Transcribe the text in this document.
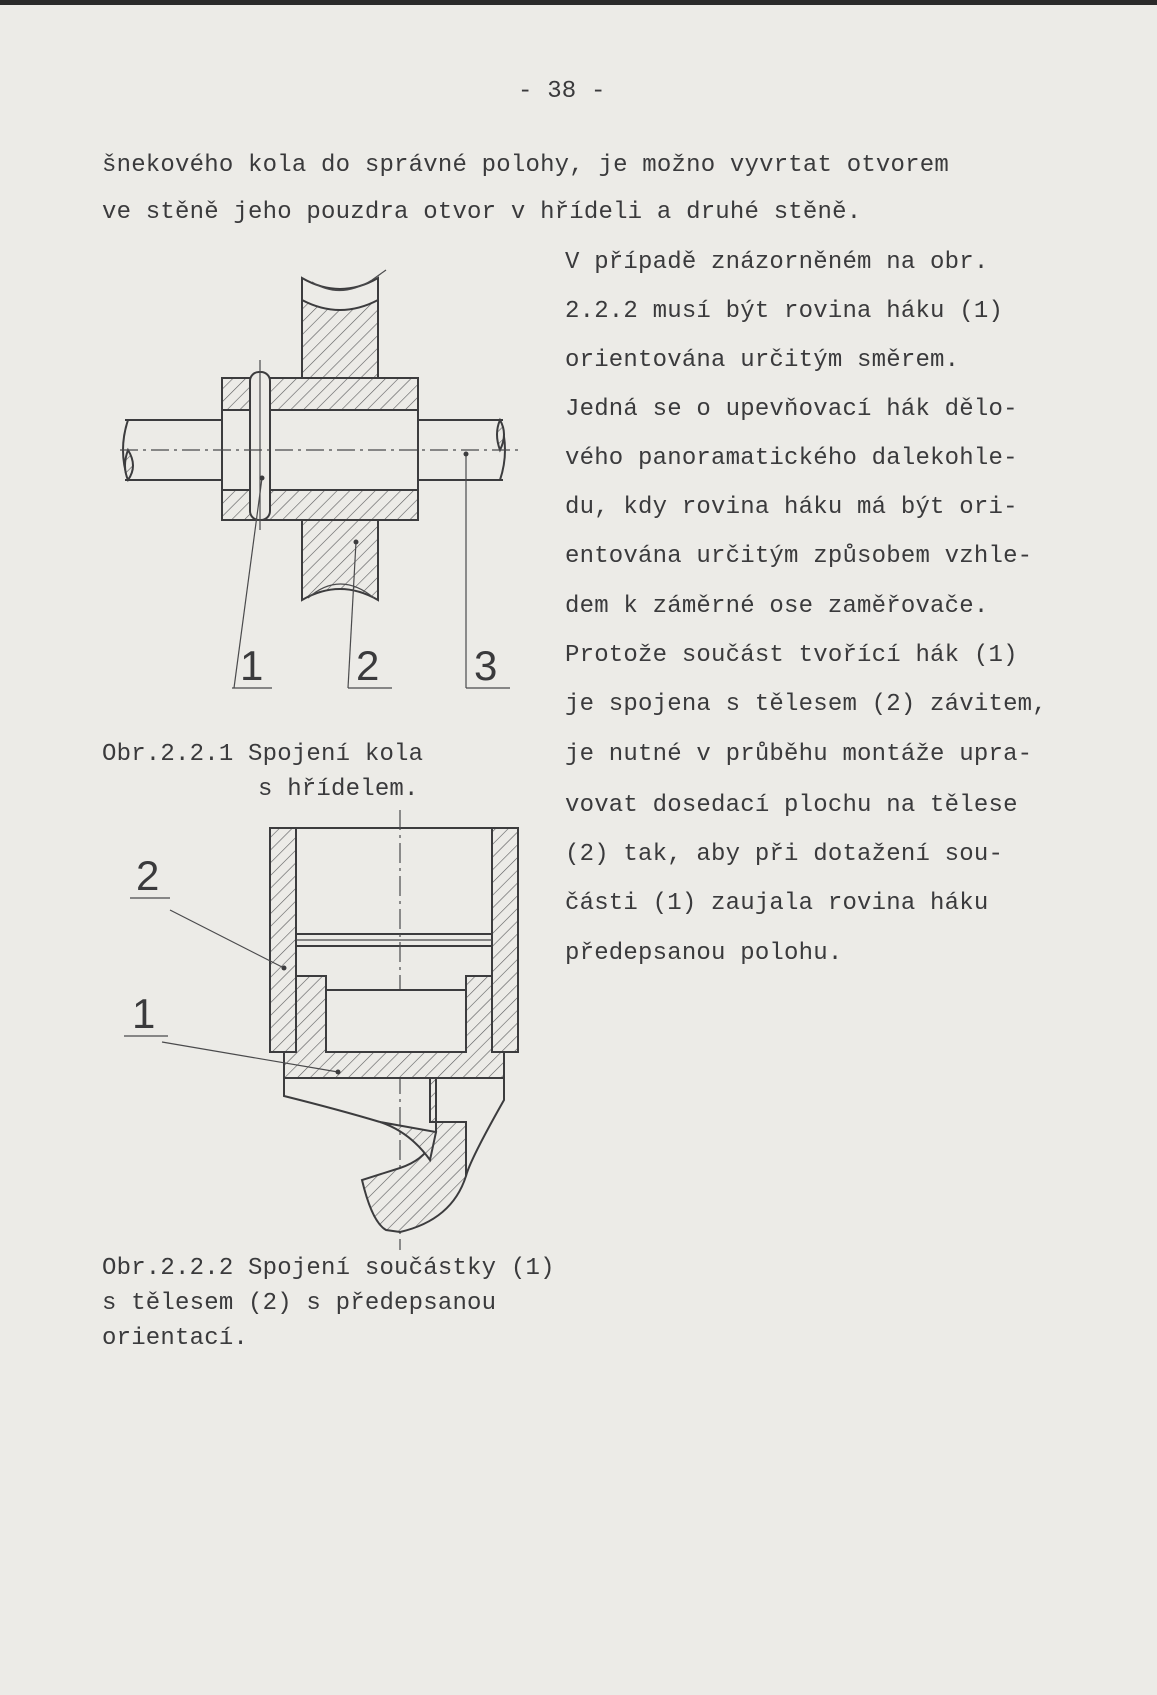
- 38 -
šnekového kola do správné polohy, je možno vyvrtat otvorem
ve stěně jeho pouzdra otvor v hřídeli a druhé stěně.
V případě znázorněném na obr.
2.2.2 musí být rovina háku (1)
orientována určitým směrem.
Jedná se o upevňovací hák dělo-
vého panoramatického dalekohle-
du, kdy rovina háku má být ori-
entována určitým způsobem vzhle-
dem k záměrné ose zaměřovače.
Protože součást tvořící hák (1)
je spojena s tělesem (2) závitem,
je nutné v průběhu montáže upra-
vovat dosedací plochu na tělese
(2) tak, aby při dotažení sou-
části (1) zaujala rovina háku
předepsanou polohu.
1 2 3
2
1
Obr.2.2.1 Spojení kola
s hřídelem.
Obr.2.2.2 Spojení součástky (1)
s tělesem (2) s předepsanou
orientací.
